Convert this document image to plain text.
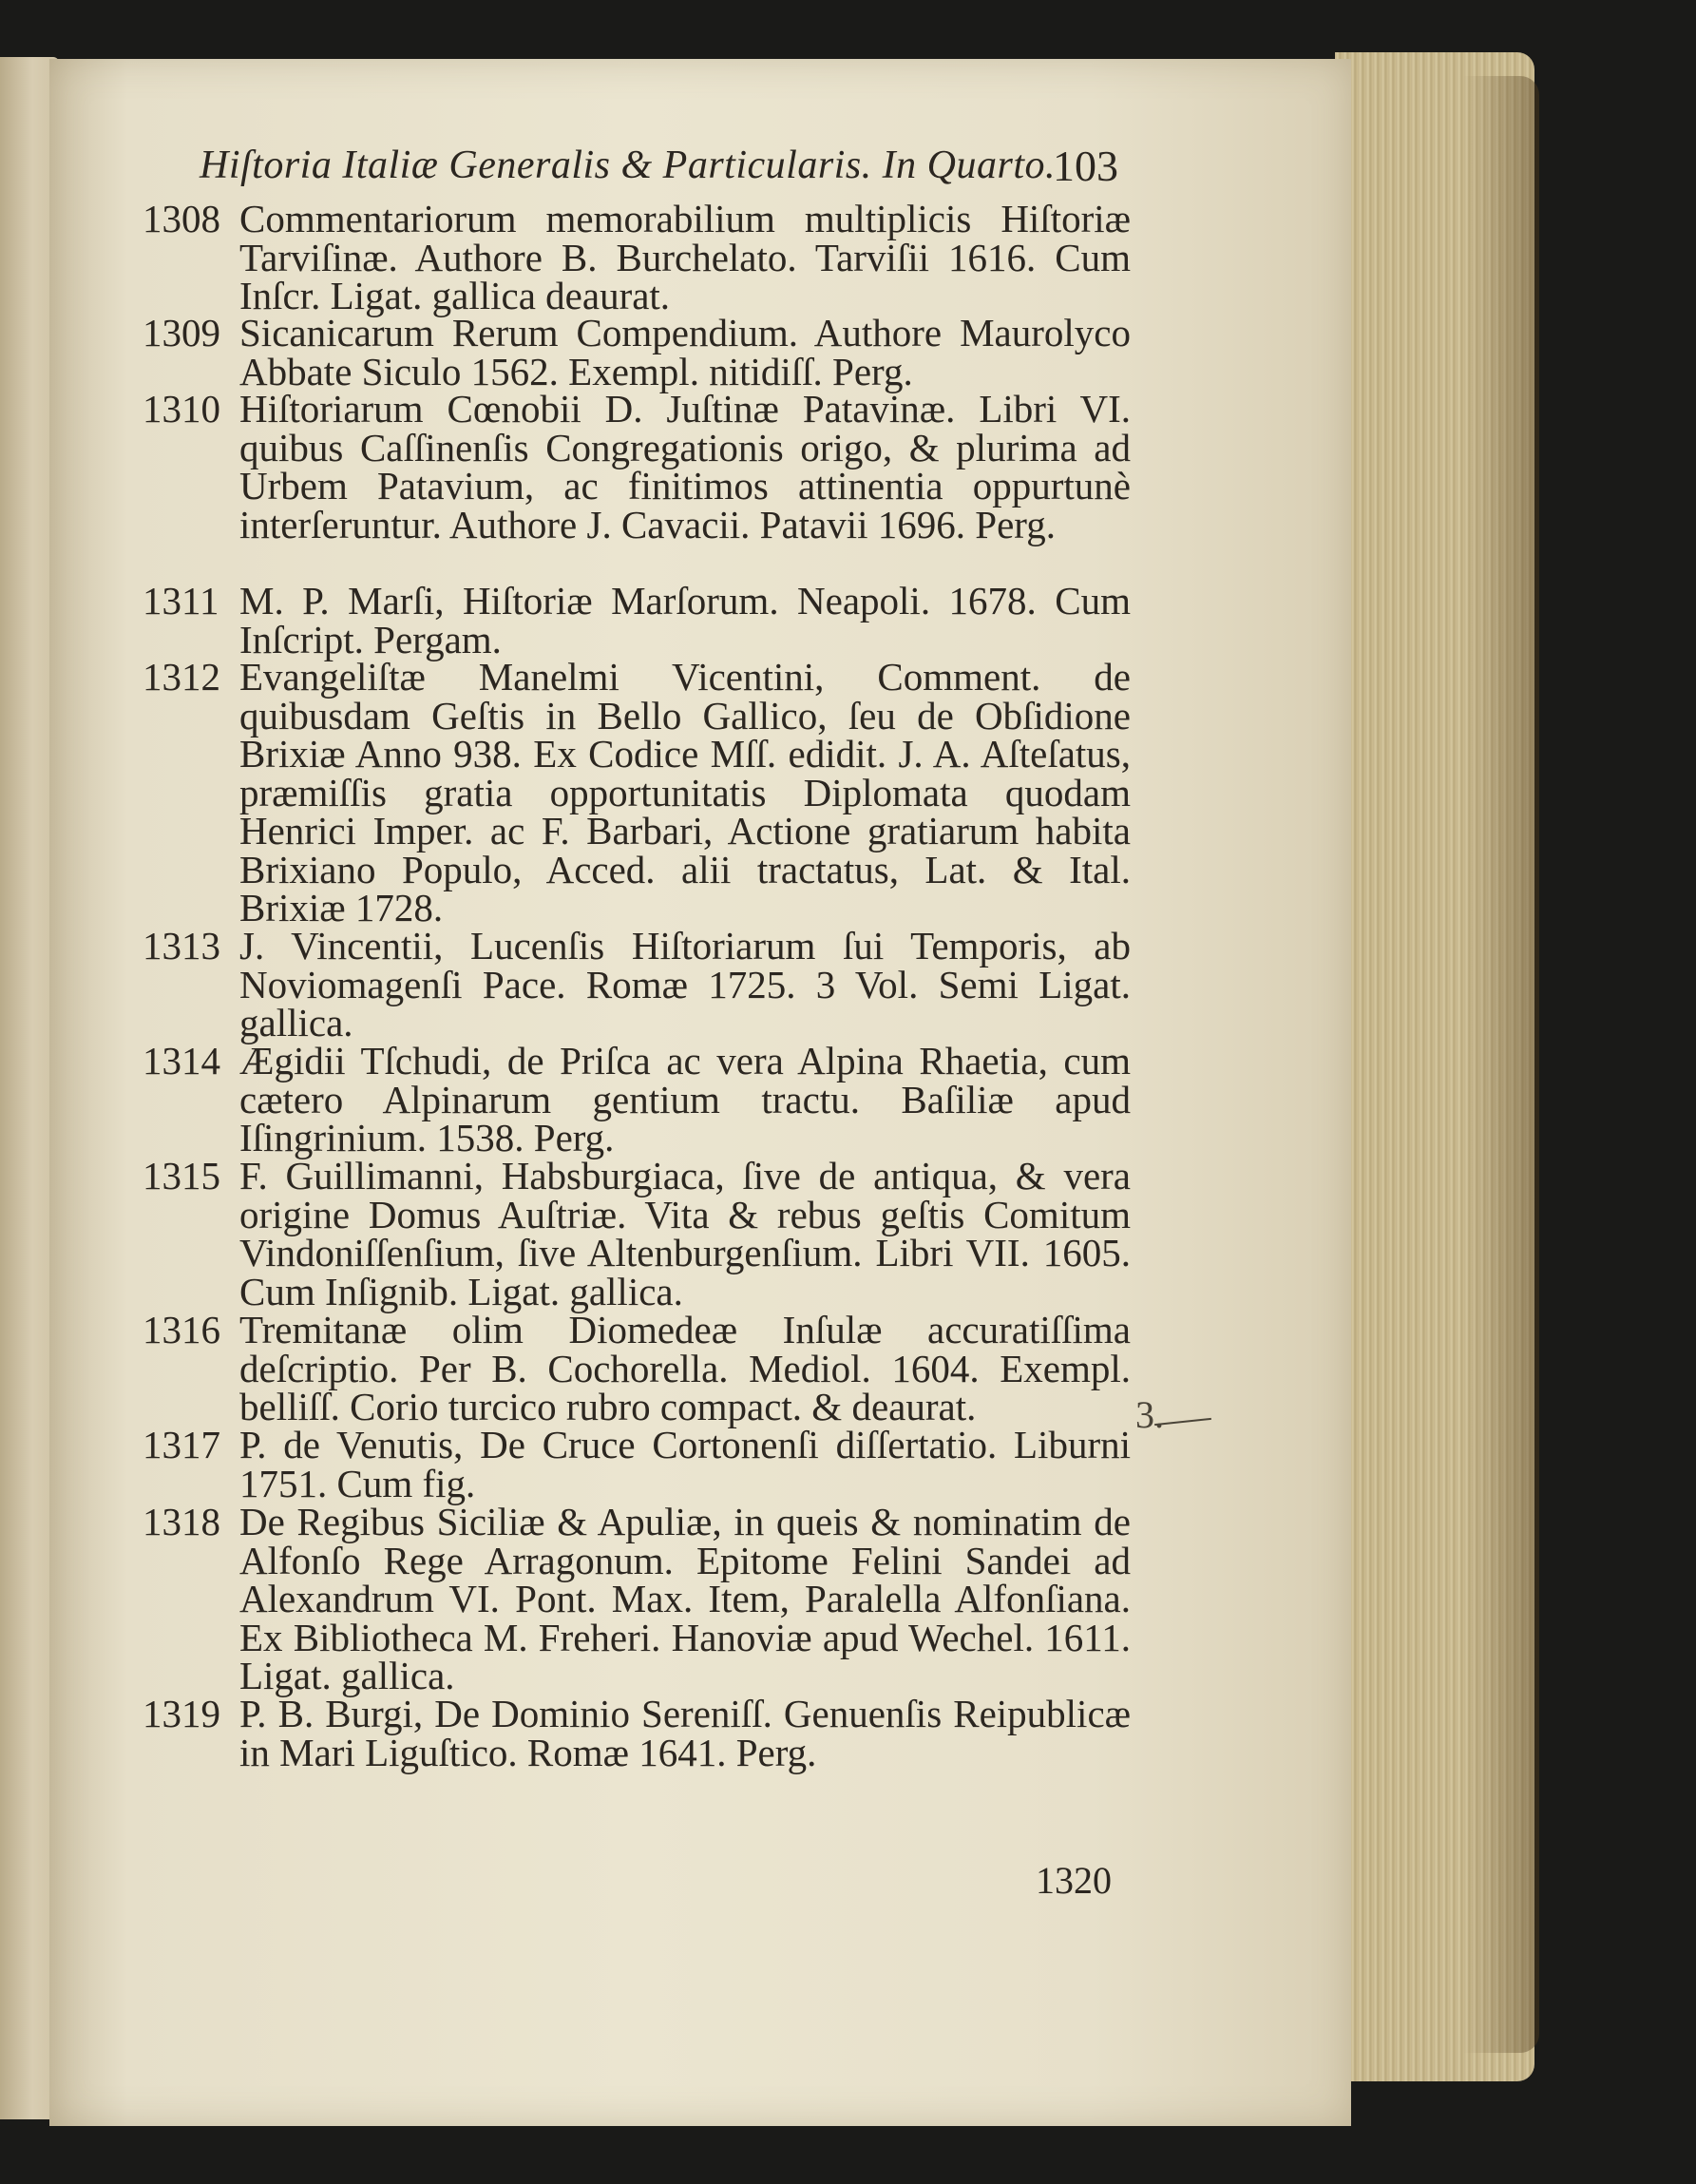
Hiſtoria Italiæ Generalis & Particularis. In Quarto.
103
1308 Commentariorum memorabilium multiplicis Hiſtoriæ Tarviſinæ. Authore B. Burchelato. Tarviſii 1616. Cum Inſcr. Ligat. gallica deaurat.
1309 Sicanicarum Rerum Compendium. Authore Maurolyco Abbate Siculo 1562. Exempl. nitidiſſ. Perg.
1310 Hiſtoriarum Cœnobii D. Juſtinæ Patavinæ. Libri VI. quibus Caſſinenſis Congregationis origo, & plurima ad Urbem Patavium, ac finitimos attinentia oppurtunè interſeruntur. Authore J. Cavacii. Patavii 1696. Perg.
1311 M. P. Marſi, Hiſtoriæ Marſorum. Neapoli. 1678. Cum Inſcript. Pergam.
1312 Evangeliſtæ Manelmi Vicentini, Comment. de quibusdam Geſtis in Bello Gallico, ſeu de Obſidione Brixiæ Anno 938. Ex Codice Mſſ. edidit. J. A. Aſteſatus, præmiſſis gratia opportunitatis Diplomata quodam Henrici Imper. ac F. Barbari, Actione gratiarum habita Brixiano Populo, Acced. alii tractatus, Lat. & Ital. Brixiæ 1728.
1313 J. Vincentii, Lucenſis Hiſtoriarum ſui Temporis, ab Noviomagenſi Pace. Romæ 1725. 3 Vol. Semi Ligat. gallica.
1314 Ægidii Tſchudi, de Priſca ac vera Alpina Rhaetia, cum cætero Alpinarum gentium tractu. Baſiliæ apud Iſingrinium. 1538. Perg.
1315 F. Guillimanni, Habsburgiaca, ſive de antiqua, & vera origine Domus Auſtriæ. Vita & rebus geſtis Comitum Vindoniſſenſium, ſive Altenburgenſium. Libri VII. 1605. Cum Inſignib. Ligat. gallica.
1316 Tremitanæ olim Diomedeæ Inſulæ accuratiſſima deſcriptio. Per B. Cochorella. Mediol. 1604. Exempl. belliſſ. Corio turcico rubro compact. & deaurat.
1317 P. de Venutis, De Cruce Cortonenſi diſſertatio. Liburni 1751. Cum fig.
1318 De Regibus Siciliæ & Apuliæ, in queis & nominatim de Alfonſo Rege Arragonum. Epitome Felini Sandei ad Alexandrum VI. Pont. Max. Item, Paralella Alfonſiana. Ex Bibliotheca M. Freheri. Hanoviæ apud Wechel. 1611. Ligat. gallica.
1319 P. B. Burgi, De Dominio Sereniſſ. Genuenſis Reipublicæ in Mari Liguſtico. Romæ 1641. Perg.
1320
3.
